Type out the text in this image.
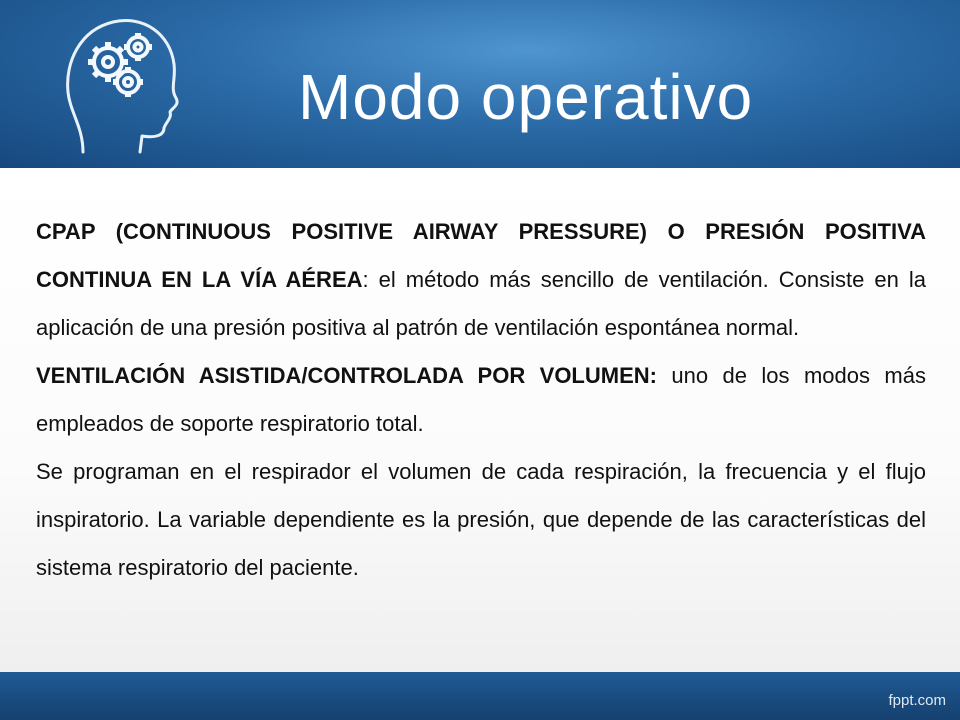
Modo operativo

CPAP (CONTINUOUS POSITIVE AIRWAY PRESSURE) O PRESIÓN POSITIVA CONTINUA EN LA VÍA AÉREA: el método más sencillo de ventilación. Consiste en la aplicación de una presión positiva al patrón de ventilación espontánea normal.

VENTILACIÓN ASISTIDA/CONTROLADA POR VOLUMEN: uno de los modos más empleados de soporte respiratorio total.

Se programan en el respirador el volumen de cada respiración, la frecuencia y el flujo inspiratorio. La variable dependiente es la presión, que depende de las características del sistema respiratorio del paciente.

fppt.com
